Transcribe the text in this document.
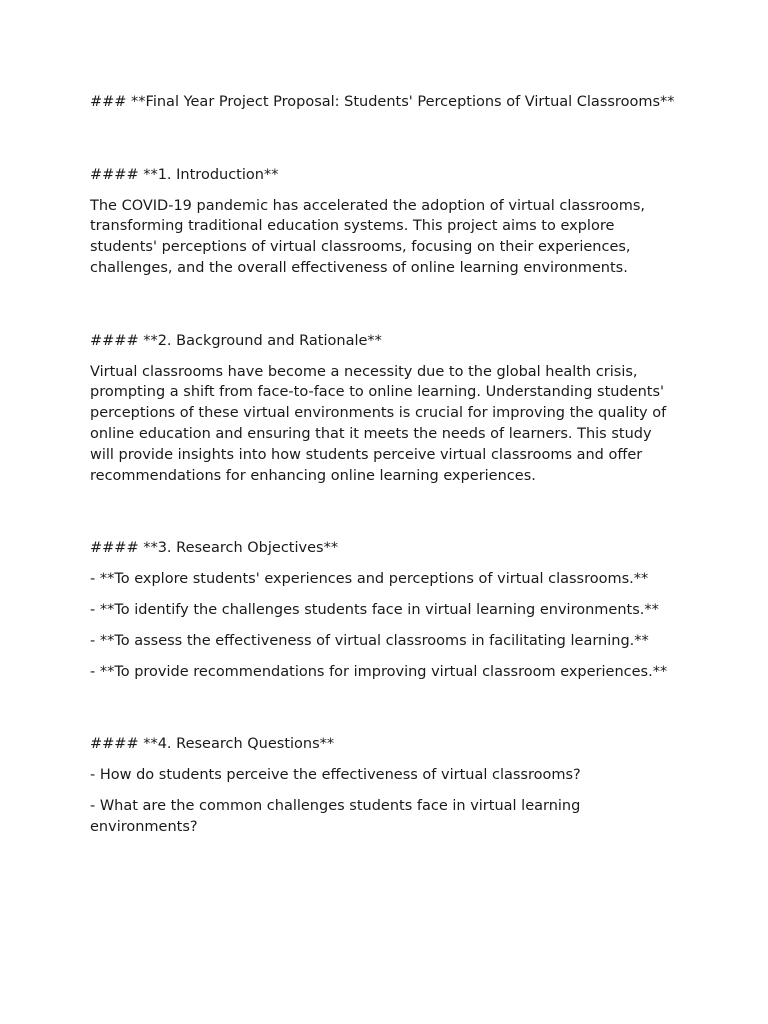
### **Final Year Project Proposal: Students' Perceptions of Virtual Classrooms**

#### **1. Introduction**

The COVID-19 pandemic has accelerated the adoption of virtual classrooms, transforming traditional education systems. This project aims to explore students' perceptions of virtual classrooms, focusing on their experiences, challenges, and the overall effectiveness of online learning environments.

#### **2. Background and Rationale**

Virtual classrooms have become a necessity due to the global health crisis, prompting a shift from face-to-face to online learning. Understanding students' perceptions of these virtual environments is crucial for improving the quality of online education and ensuring that it meets the needs of learners. This study will provide insights into how students perceive virtual classrooms and offer recommendations for enhancing online learning experiences.

#### **3. Research Objectives**

- **To explore students' experiences and perceptions of virtual classrooms.**

- **To identify the challenges students face in virtual learning environments.**

- **To assess the effectiveness of virtual classrooms in facilitating learning.**

- **To provide recommendations for improving virtual classroom experiences.**

#### **4. Research Questions**

- How do students perceive the effectiveness of virtual classrooms?

- What are the common challenges students face in virtual learning environments?
